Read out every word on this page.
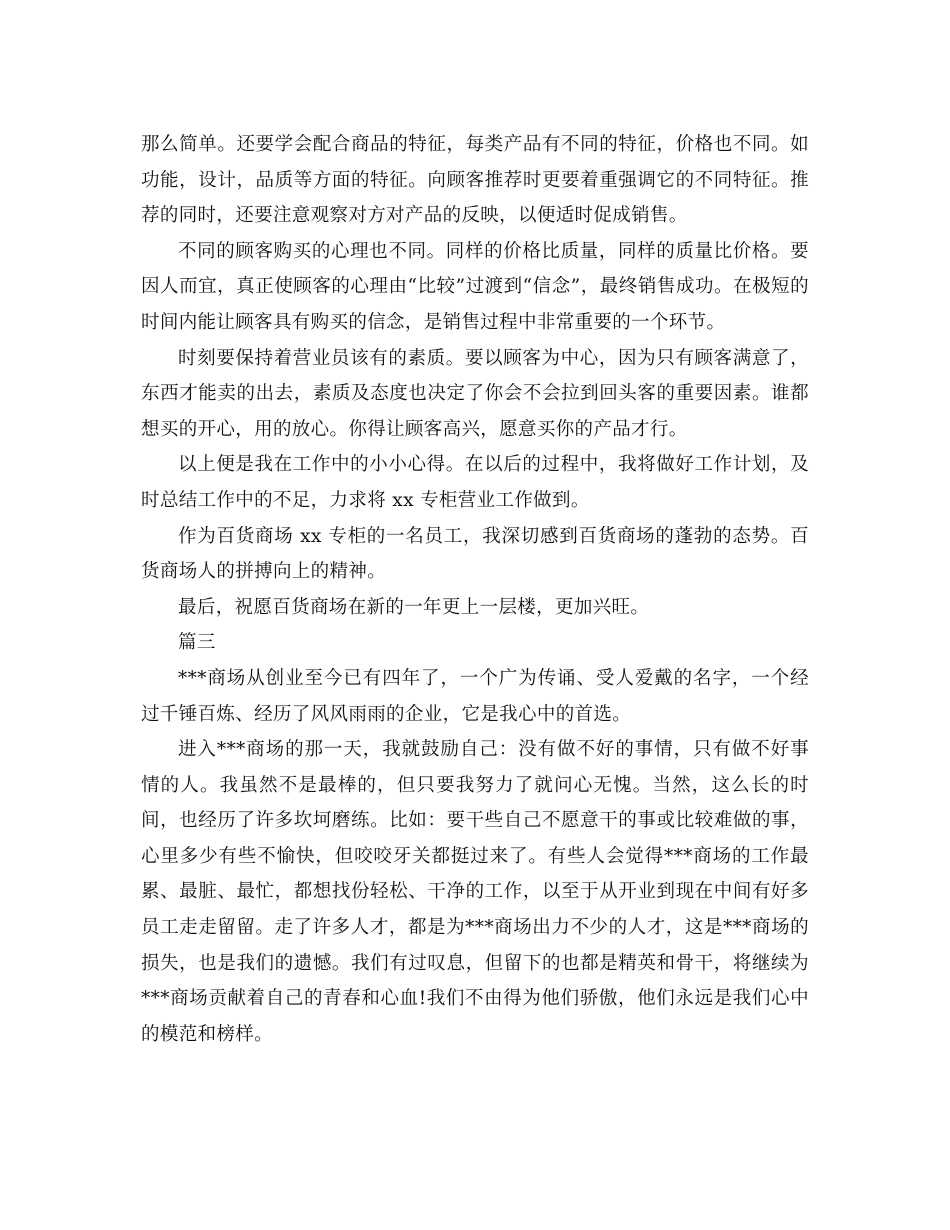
那么简单。还要学会配合商品的特征，每类产品有不同的特征，价格也不同。如功能，设计，品质等方面的特征。向顾客推荐时更要着重强调它的不同特征。推荐的同时，还要注意观察对方对产品的反映，以便适时促成销售。

不同的顾客购买的心理也不同。同样的价格比质量，同样的质量比价格。要因人而宜，真正使顾客的心理由“比较”过渡到“信念”，最终销售成功。在极短的时间内能让顾客具有购买的信念，是销售过程中非常重要的一个环节。

时刻要保持着营业员该有的素质。要以顾客为中心，因为只有顾客满意了，东西才能卖的出去，素质及态度也决定了你会不会拉到回头客的重要因素。谁都想买的开心，用的放心。你得让顾客高兴，愿意买你的产品才行。

以上便是我在工作中的小小心得。在以后的过程中，我将做好工作计划，及时总结工作中的不足，力求将 xx 专柜营业工作做到。

作为百货商场 xx 专柜的一名员工，我深切感到百货商场的蓬勃的态势。百货商场人的拼搏向上的精神。

最后，祝愿百货商场在新的一年更上一层楼，更加兴旺。

篇三

***商场从创业至今已有四年了，一个广为传诵、受人爱戴的名字，一个经过千锤百炼、经历了风风雨雨的企业，它是我心中的首选。

进入***商场的那一天，我就鼓励自己：没有做不好的事情，只有做不好事情的人。我虽然不是最棒的，但只要我努力了就问心无愧。当然，这么长的时间，也经历了许多坎坷磨练。比如：要干些自己不愿意干的事或比较难做的事，心里多少有些不愉快，但咬咬牙关都挺过来了。有些人会觉得***商场的工作最累、最脏、最忙，都想找份轻松、干净的工作，以至于从开业到现在中间有好多员工走走留留。走了许多人才，都是为***商场出力不少的人才，这是***商场的损失，也是我们的遗憾。我们有过叹息，但留下的也都是精英和骨干，将继续为***商场贡献着自己的青春和心血!我们不由得为他们骄傲，他们永远是我们心中的模范和榜样。
